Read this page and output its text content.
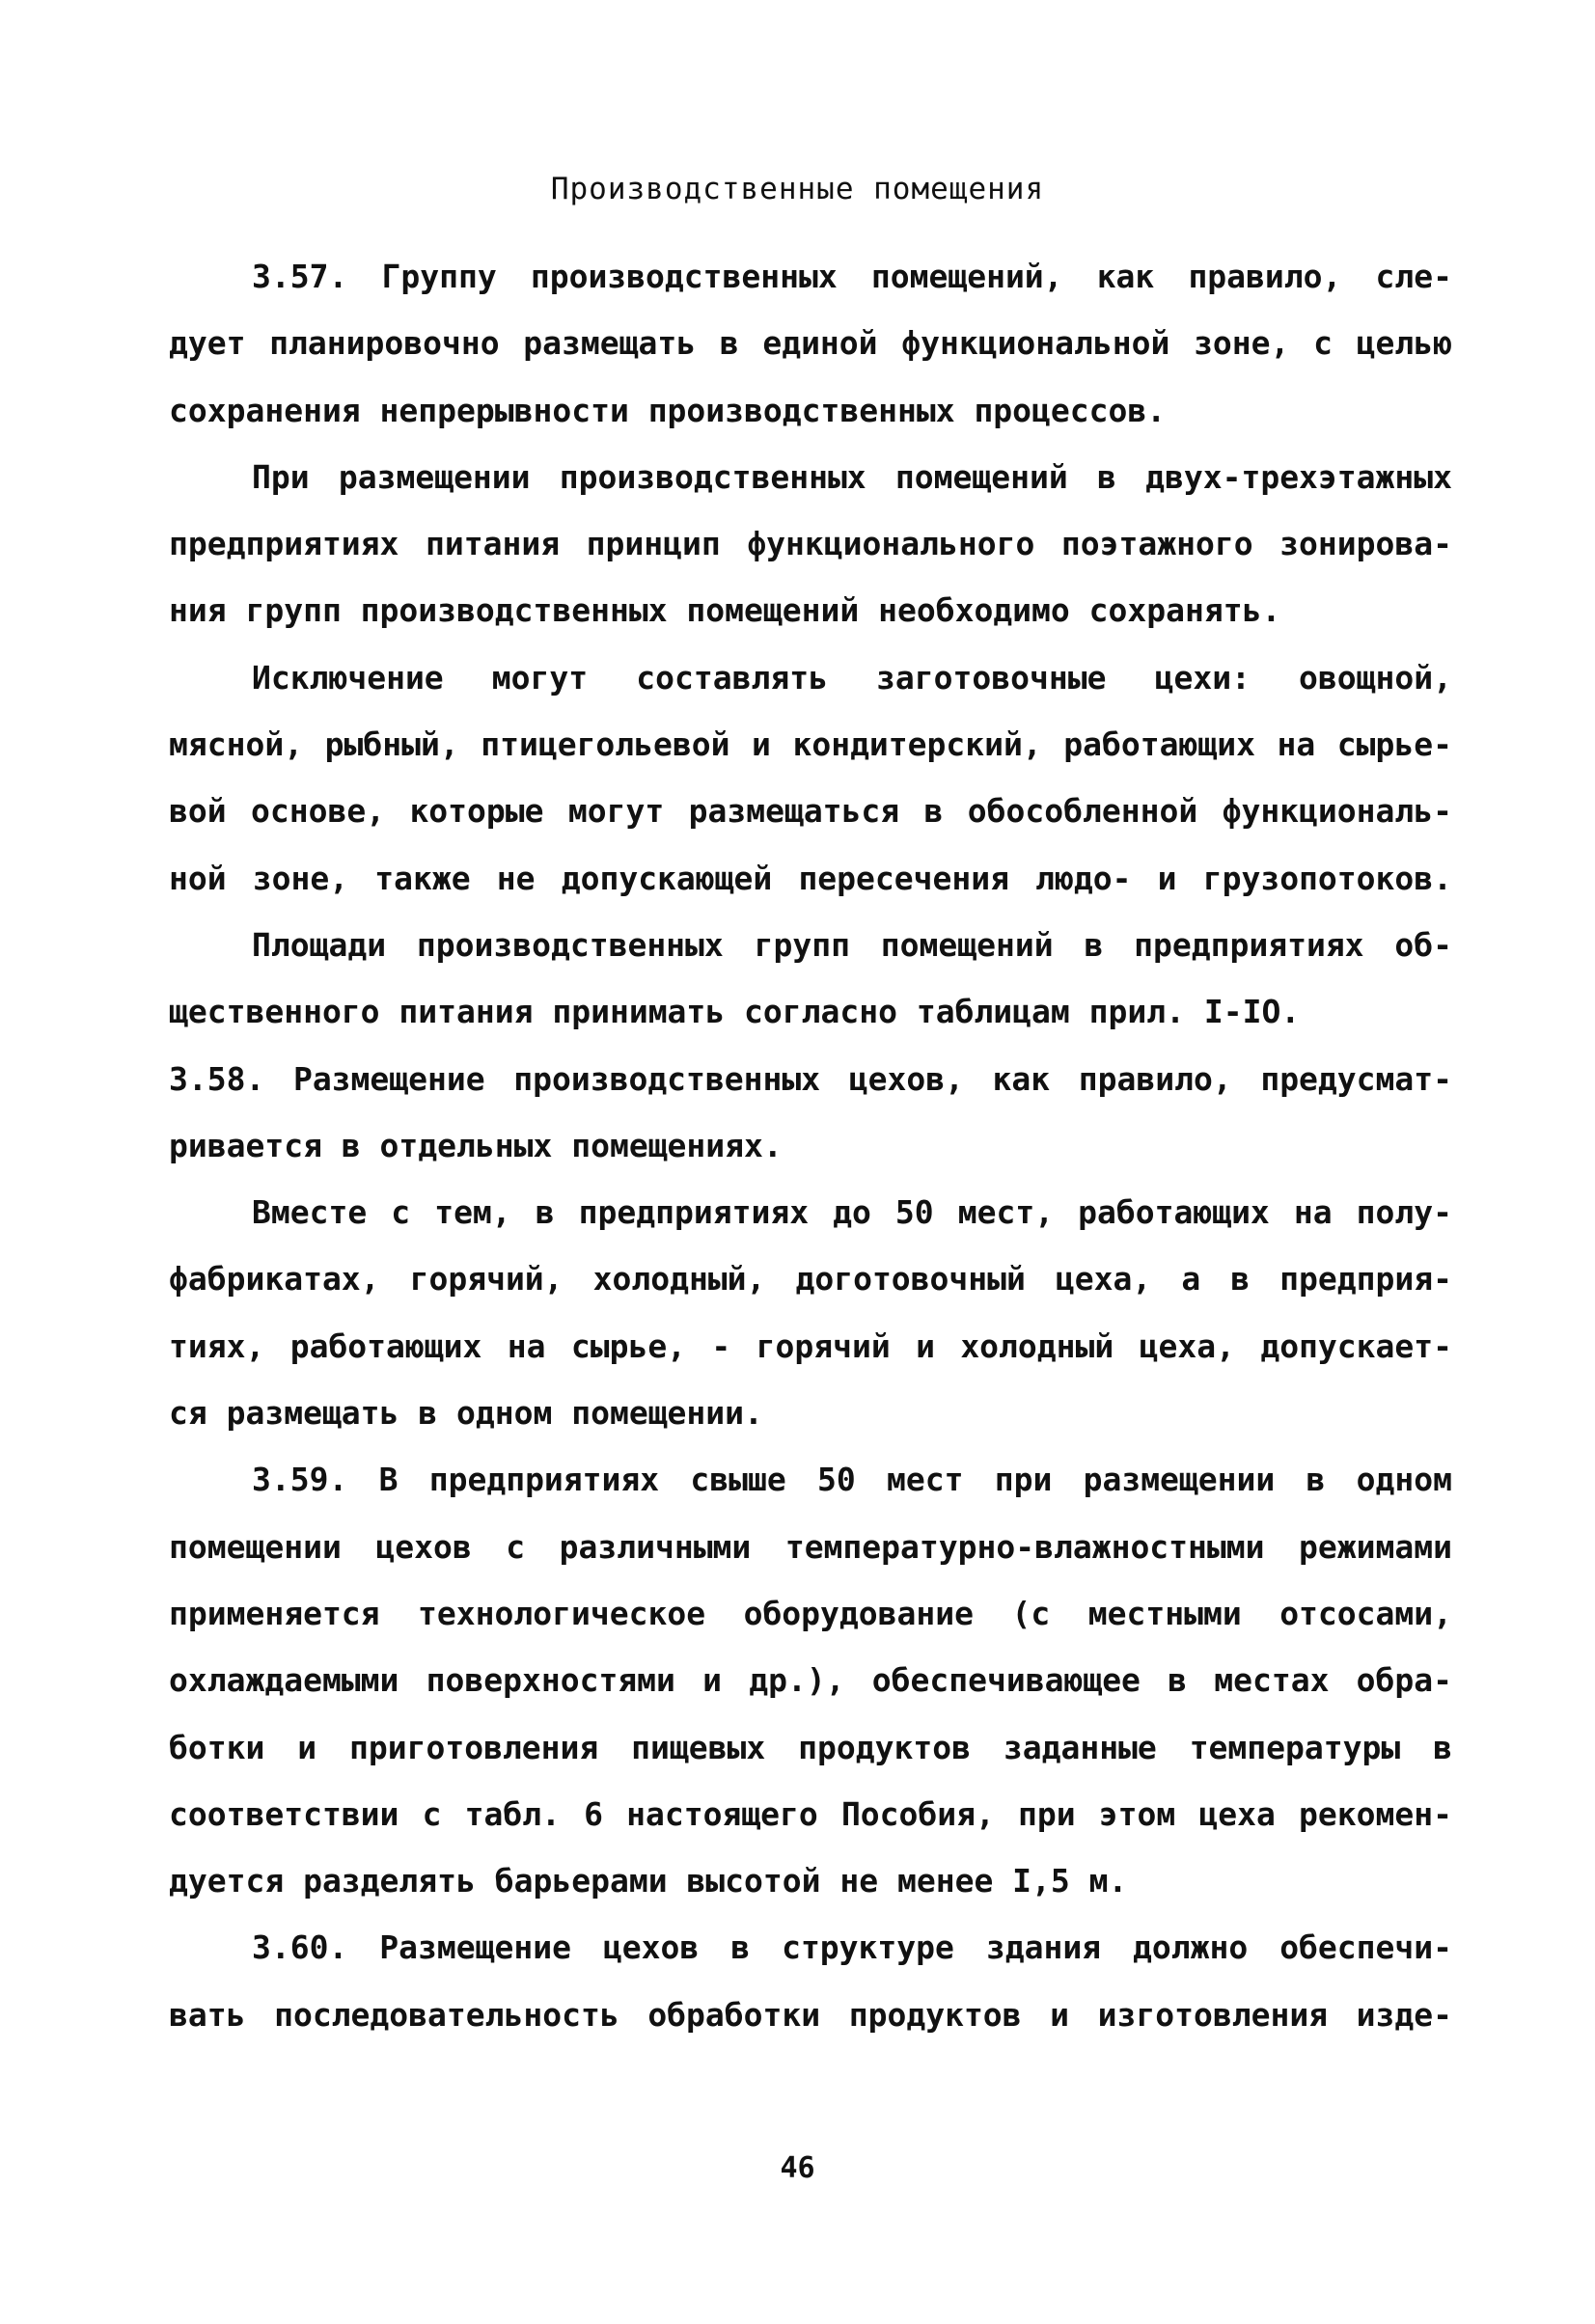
Производственные помещения
3.57. Группу производственных помещений, как правило, сле-
дует планировочно размещать в единой функциональной зоне, с целью
сохранения непрерывности производственных процессов.
При размещении производственных помещений в двух-трехэтажных
предприятиях питания принцип функционального поэтажного зонирова-
ния групп производственных помещений необходимо сохранять.
Исключение могут составлять заготовочные цехи: овощной,
мясной, рыбный, птицегольевой и кондитерский, работающих на сырье-
вой основе, которые могут размещаться в обособленной функциональ-
ной зоне, также не допускающей пересечения людо- и грузопотоков.
Площади производственных групп помещений в предприятиях об-
щественного питания принимать согласно таблицам прил. I-IO.
3.58. Размещение производственных цехов, как правило, предусмат-
ривается в отдельных помещениях.
Вместе с тем, в предприятиях до 50 мест, работающих на полу-
фабрикатах, горячий, холодный, доготовочный цеха, а в предприя-
тиях, работающих на сырье, - горячий и холодный цеха, допускает-
ся размещать в одном помещении.
3.59. В предприятиях свыше 50 мест при размещении в одном
помещении цехов с различными температурно-влажностными режимами
применяется технологическое оборудование (с местными отсосами,
охлаждаемыми поверхностями и др.), обеспечивающее в местах обра-
ботки и приготовления пищевых продуктов заданные температуры в
соответствии с табл. 6 настоящего Пособия, при этом цеха рекомен-
дуется разделять барьерами высотой не менее I,5 м.
3.60. Размещение цехов в структуре здания должно обеспечи-
вать последовательность обработки продуктов и изготовления изде-
46
